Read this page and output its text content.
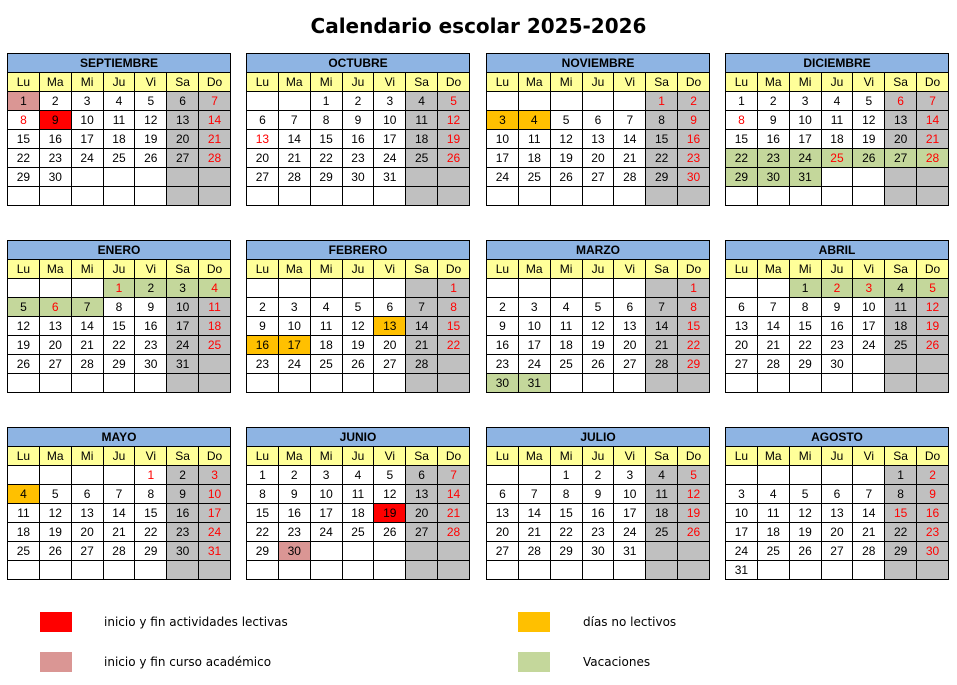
Calendario escolar 2025-2026
SEPTIEMBRE						
Lu	Ma	Mi	Ju	Vi	Sa	Do
1	2	3	4	5	6	7
8	9	10	11	12	13	14
15	16	17	18	19	20	21
22	23	24	25	26	27	28
29	30					

OCTUBRE						
Lu	Ma	Mi	Ju	Vi	Sa	Do
		1	2	3	4	5
6	7	8	9	10	11	12
13	14	15	16	17	18	19
20	21	22	23	24	25	26
27	28	29	30	31		

NOVIEMBRE						
Lu	Ma	Mi	Ju	Vi	Sa	Do
					1	2
3	4	5	6	7	8	9
10	11	12	13	14	15	16
17	18	19	20	21	22	23
24	25	26	27	28	29	30

DICIEMBRE						
Lu	Ma	Mi	Ju	Vi	Sa	Do
1	2	3	4	5	6	7
8	9	10	11	12	13	14
15	16	17	18	19	20	21
22	23	24	25	26	27	28
29	30	31				

ENERO						
Lu	Ma	Mi	Ju	Vi	Sa	Do
			1	2	3	4
5	6	7	8	9	10	11
12	13	14	15	16	17	18
19	20	21	22	23	24	25
26	27	28	29	30	31	

FEBRERO						
Lu	Ma	Mi	Ju	Vi	Sa	Do
						1
2	3	4	5	6	7	8
9	10	11	12	13	14	15
16	17	18	19	20	21	22
23	24	25	26	27	28	

MARZO						
Lu	Ma	Mi	Ju	Vi	Sa	Do
						1
2	3	4	5	6	7	8
9	10	11	12	13	14	15
16	17	18	19	20	21	22
23	24	25	26	27	28	29
30	31					
ABRIL						
Lu	Ma	Mi	Ju	Vi	Sa	Do
		1	2	3	4	5
6	7	8	9	10	11	12
13	14	15	16	17	18	19
20	21	22	23	24	25	26
27	28	29	30			

MAYO						
Lu	Ma	Mi	Ju	Vi	Sa	Do
				1	2	3
4	5	6	7	8	9	10
11	12	13	14	15	16	17
18	19	20	21	22	23	24
25	26	27	28	29	30	31

JUNIO						
Lu	Ma	Mi	Ju	Vi	Sa	Do
1	2	3	4	5	6	7
8	9	10	11	12	13	14
15	16	17	18	19	20	21
22	23	24	25	26	27	28
29	30					

JULIO						
Lu	Ma	Mi	Ju	Vi	Sa	Do
		1	2	3	4	5
6	7	8	9	10	11	12
13	14	15	16	17	18	19
20	21	22	23	24	25	26
27	28	29	30	31		

AGOSTO						
Lu	Ma	Mi	Ju	Vi	Sa	Do
					1	2
3	4	5	6	7	8	9
10	11	12	13	14	15	16
17	18	19	20	21	22	23
24	25	26	27	28	29	30
31						
inicio y fin actividades lectivas
inicio y fin curso académico
días no lectivos
Vacaciones
